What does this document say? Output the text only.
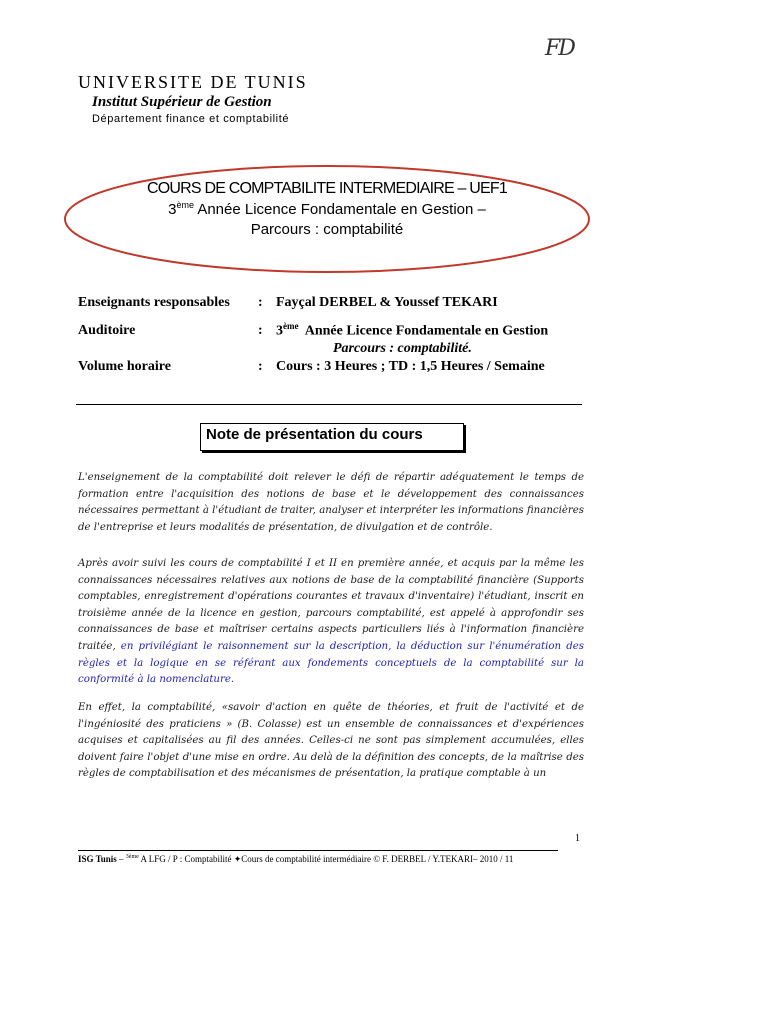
FD
UNIVERSITE DE TUNIS
Institut Supérieur de Gestion
Département finance et comptabilité
COURS DE COMPTABILITE INTERMEDIAIRE – UEF1
3ème Année Licence Fondamentale en Gestion –
Parcours : comptabilité
Enseignants responsables : Fayçal DERBEL & Youssef TEKARI
Auditoire	: 3ème Année Licence Fondamentale en Gestion
Parcours : comptabilité.
Volume horaire	: Cours : 3 Heures ; TD : 1,5 Heures / Semaine
Note de présentation du cours
L'enseignement de la comptabilité doit relever le défi de répartir adéquatement le temps de formation entre l'acquisition des notions de base et le développement des connaissances nécessaires permettant à l'étudiant de traiter, analyser et interpréter les informations financières de l'entreprise et leurs modalités de présentation, de divulgation et de contrôle.
Après avoir suivi les cours de comptabilité I et II en première année, et acquis par la même les connaissances nécessaires relatives aux notions de base de la comptabilité financière (Supports comptables, enregistrement d'opérations courantes et travaux d'inventaire) l'étudiant, inscrit en troisième année de la licence en gestion, parcours comptabilité, est appelé à approfondir ses connaissances de base et maîtriser certains aspects particuliers liés à l'information financière traitée, en privilégiant le raisonnement sur la description, la déduction sur l'énumération des règles et la logique en se référant aux fondements conceptuels de la comptabilité sur la conformité à la nomenclature.
En effet, la comptabilité, «savoir d'action en quête de théories, et fruit de l'activité et de l'ingéniosité des praticiens » (B. Colasse) est un ensemble de connaissances et d'expériences acquises et capitalisées au fil des années. Celles-ci ne sont pas simplement accumulées, elles doivent faire l'objet d'une mise en ordre. Au delà de la définition des concepts, de la maîtrise des règles de comptabilisation et des mécanismes de présentation, la pratique comptable à un
1
ISG Tunis – $^{3ème}$ A LFG / P : Comptabilité ✦Cours de comptabilité intermédiaire © F. DERBEL / Y.TEKARI– 2010 / 11
